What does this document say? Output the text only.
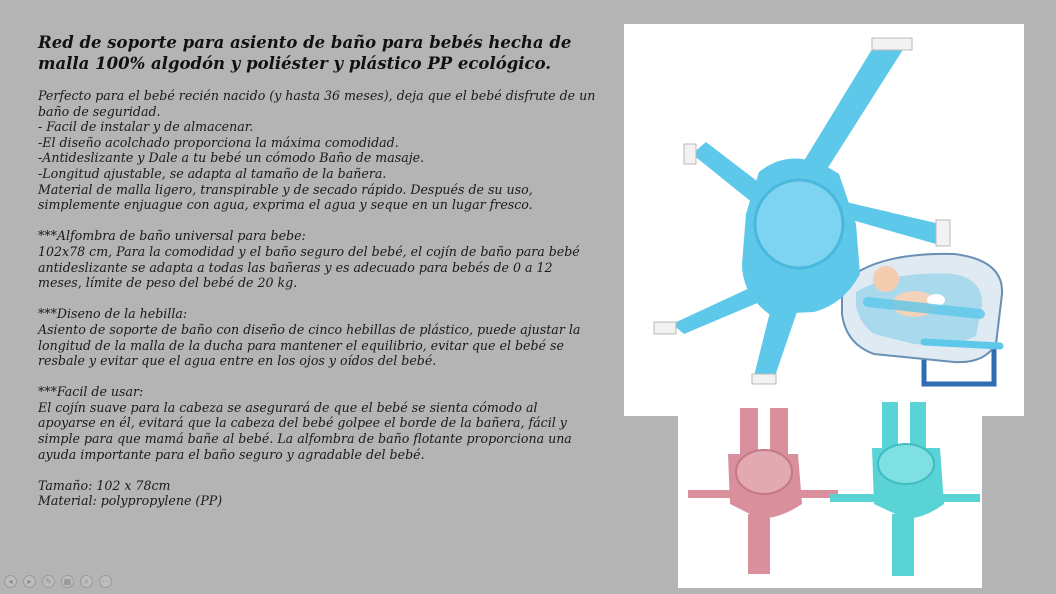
Red de soporte para asiento de baño para bebés hecha de malla 100% algodón y poliéster y plástico PP ecológico.

Perfecto para el bebé recién nacido (y hasta 36 meses), deja que el bebé disfrute de un baño de seguridad.

- Facil de instalar y de almacenar.

-El diseño acolchado proporciona la máxima comodidad.

-Antideslizante y Dale a tu bebé un cómodo Baño de masaje.

-Longitud ajustable, se adapta al tamaño de la bañera.

Material de malla ligero, transpirable y de secado rápido. Después de su uso, simplemente enjuague con agua, exprima el agua y seque en un lugar fresco.

***Alfombra de baño universal para bebe:

102x78 cm, Para la comodidad y el baño seguro del bebé, el cojín de baño para bebé antideslizante se adapta a todas las bañeras y es adecuado para bebés de 0 a 12 meses, límite de peso del bebé de 20 kg.

***Diseno de la hebilla:

Asiento de soporte de baño con diseño de cinco hebillas de plástico, puede ajustar la longitud de la malla de la ducha para mantener el equilibrio, evitar que el bebé se resbale y evitar que el agua entre en los ojos y oídos del bebé.

***Facil de usar:

El cojín suave para la cabeza se asegurará de que el bebé se sienta cómodo al apoyarse en él, evitará que la cabeza del bebé golpee el borde de la bañera, fácil y simple para que mamá bañe al bebé. La alfombra de baño flotante proporciona una ayuda importante para el baño seguro y agradable del bebé.

Tamaño: 102 x 78cm

Material: polypropylene (PP)

◂	▸	✎	▦	⌕	⋯
